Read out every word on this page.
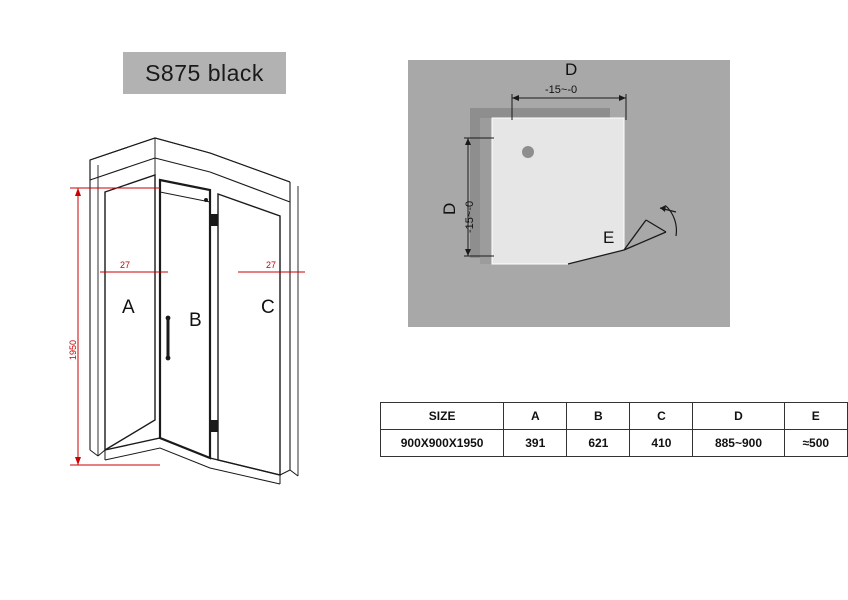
S875 black
1950
27	27
A
B
C
D
-15~-0
D -15~-0
E
SIZE	A	B	C	D	E
900X900X1950	391	621	410	885~900	≈500
